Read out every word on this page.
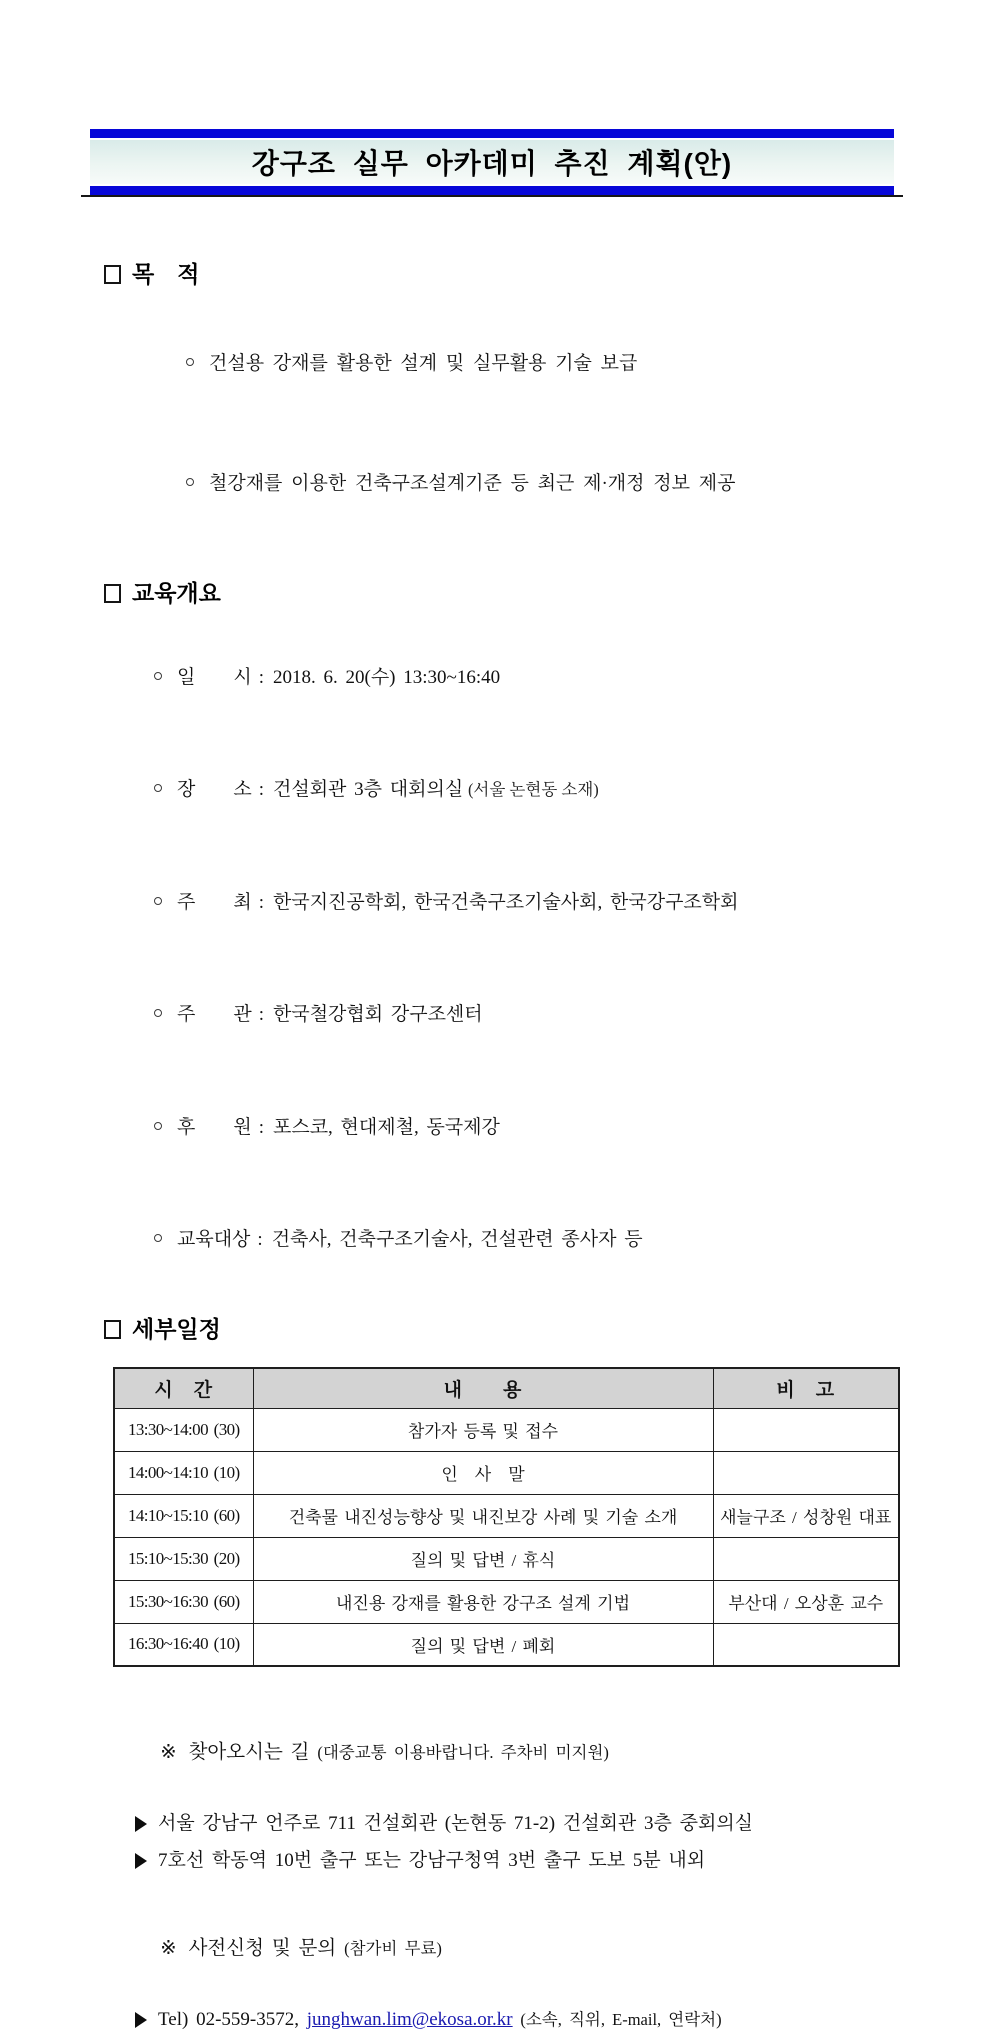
강구조 실무 아카데미 추진 계획(안)
목　적

건설용 강재를 활용한 설계 및 실무활용 기술 보급

철강재를 이용한 건축구조설계기준 등 최근 제·개정 정보 제공

교육개요

일　　시 : 2018. 6. 20(수) 13:30~16:40

장　　소 : 건설회관 3층 대회의실 (서울 논현동 소재)

주　　최 : 한국지진공학회, 한국건축구조기술사회, 한국강구조학회

주　　관 : 한국철강협회 강구조센터

후　　원 : 포스코, 현대제철, 동국제강

교육대상 : 건축사, 건축구조기술사, 건설관련 종사자 등

세부일정
시　간	내　　용	비　고
13:30~14:00 (30)	참가자 등록 및 접수	
14:00~14:10 (10)	인　사　말	
14:10~15:10 (60)	건축물 내진성능향상 및 내진보강 사례 및 기술 소개	새늘구조 / 성창원 대표
15:10~15:30 (20)	질의 및 답변 / 휴식	
15:30~16:30 (60)	내진용 강재를 활용한 강구조 설계 기법	부산대 / 오상훈 교수
16:30~16:40 (10)	질의 및 답변 / 폐회	

※ 찾아오시는 길 (대중교통 이용바랍니다. 주차비 미지원)

서울 강남구 언주로 711 건설회관 (논현동 71-2) 건설회관 3층 중회의실
7호선 학동역 10번 출구 또는 강남구청역 3번 출구 도보 5분 내외

※ 사전신청 및 문의 (참가비 무료)

Tel) 02-559-3572,
junghwan.lim@ekosa.or.kr
(소속, 직위, E-mail, 연락처)
